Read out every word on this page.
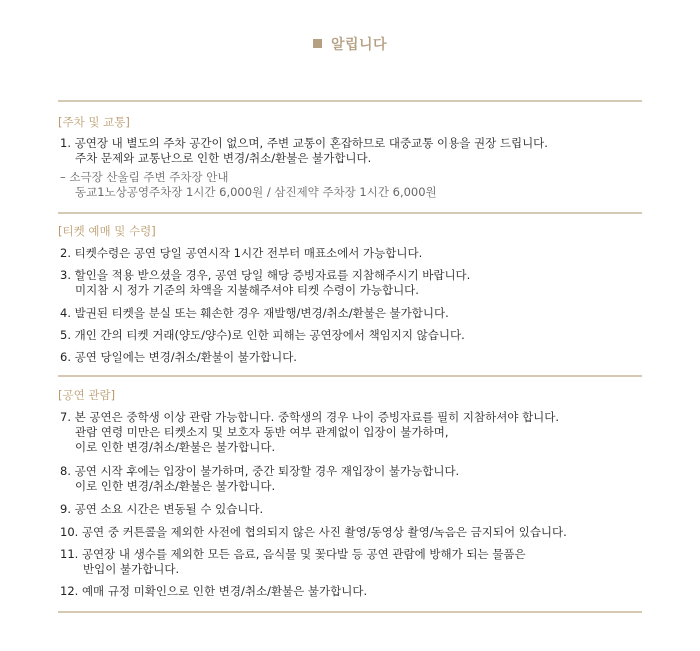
알립니다
[주차 및 교통]
1. 공연장 내 별도의 주차 공간이 없으며, 주변 교통이 혼잡하므로 대중교통 이용을 권장 드립니다.
주차 문제와 교통난으로 인한 변경/취소/환불은 불가합니다.
– 소극장 산울림 주변 주차장 안내
동교1노상공영주차장 1시간 6,000원 / 삼진제약 주차장 1시간 6,000원
[티켓 예매 및 수령]
2. 티켓수령은 공연 당일 공연시작 1시간 전부터 매표소에서 가능합니다.
3. 할인을 적용 받으셨을 경우, 공연 당일 해당 증빙자료를 지참해주시기 바랍니다.
미지참 시 정가 기준의 차액을 지불해주셔야 티켓 수령이 가능합니다.
4. 발권된 티켓을 분실 또는 훼손한 경우 재발행/변경/취소/환불은 불가합니다.
5. 개인 간의 티켓 거래(양도/양수)로 인한 피해는 공연장에서 책임지지 않습니다.
6. 공연 당일에는 변경/취소/환불이 불가합니다.
[공연 관람]
7. 본 공연은 중학생 이상 관람 가능합니다. 중학생의 경우 나이 증빙자료를 필히 지참하셔야 합니다.
관람 연령 미만은 티켓소지 및 보호자 동반 여부 관계없이 입장이 불가하며,
이로 인한 변경/취소/환불은 불가합니다.
8. 공연 시작 후에는 입장이 불가하며, 중간 퇴장할 경우 재입장이 불가능합니다.
이로 인한 변경/취소/환불은 불가합니다.
9. 공연 소요 시간은 변동될 수 있습니다.
10. 공연 중 커튼콜을 제외한 사전에 협의되지 않은 사진 촬영/동영상 촬영/녹음은 금지되어 있습니다.
11. 공연장 내 생수를 제외한 모든 음료, 음식물 및 꽃다발 등 공연 관람에 방해가 되는 물품은
반입이 불가합니다.
12. 예매 규정 미확인으로 인한 변경/취소/환불은 불가합니다.
